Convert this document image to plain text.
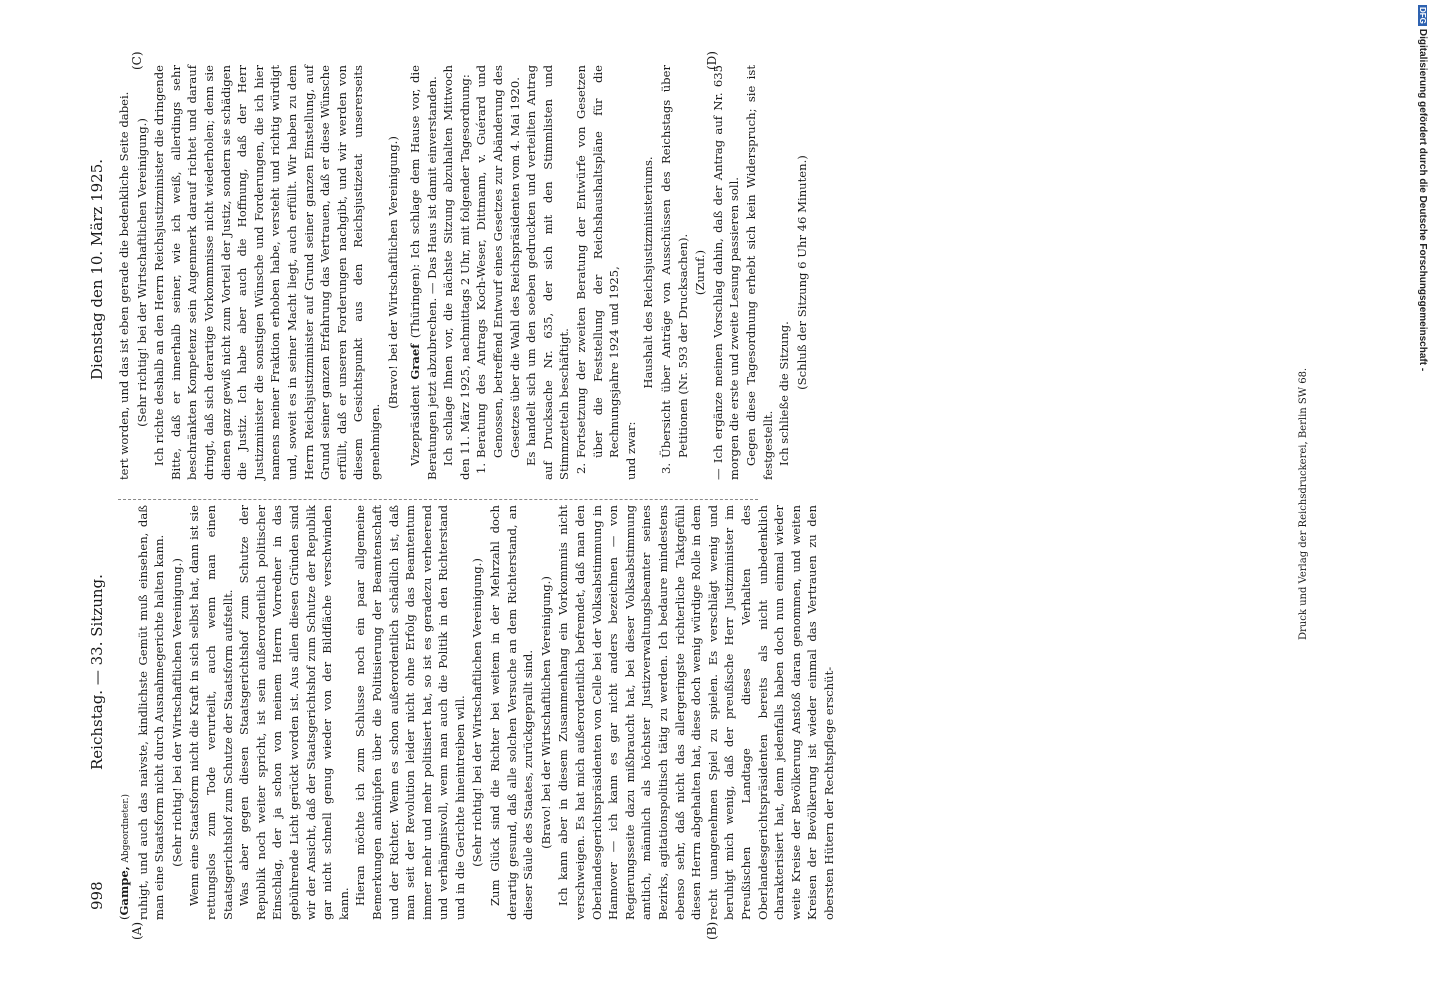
998
Reichstag. — 33. Sitzung.
Dienstag den 10. März 1925.
(A)	(B)
(C)	(D)

(Gampe, Abgeordneter.) ruhigt, und auch das naivste, kindlichste Gemüt muß einsehen, daß man eine Staatsform nicht durch Ausnahmegerichte halten kann. (Sehr richtig! bei der Wirtschaftlichen Vereinigung.) Wenn eine Staatsform nicht die Kraft in sich selbst hat, dann ist sie rettungslos zum Tode verurteilt, auch wenn man einen Staatsgerichtshof zum Schutze der Staatsform aufstellt. Was aber gegen diesen Staatsgerichtshof zum Schutze der Republik noch weiter spricht, ist sein außerordentlich politischer Einschlag, der ja schon von meinem Herrn Vorredner in das gebührende Licht gerückt worden ist. Aus allen diesen Gründen sind wir der Ansicht, daß der Staatsgerichtshof zum Schutze der Republik gar nicht schnell genug wieder von der Bildfläche verschwinden kann. Hieran möchte ich zum Schlusse noch ein paar allgemeine Bemerkungen anknüpfen über die Politisierung der Beamtenschaft und der Richter. Wenn es schon außerordentlich schädlich ist, daß man seit der Revolution leider nicht ohne Erfolg das Beamtentum immer mehr und mehr politisiert hat, so ist es geradezu verheerend und verhängnisvoll, wenn man auch die Politik in den Richterstand und in die Gerichte hineintreiben will. (Sehr richtig! bei der Wirtschaftlichen Vereinigung.) Zum Glück sind die Richter bei weitem in der Mehrzahl doch derartig gesund, daß alle solchen Versuche an dem Richterstand, an dieser Säule des Staates, zurückgeprallt sind. (Bravo! bei der Wirtschaftlichen Vereinigung.) Ich kann aber in diesem Zusammenhang ein Vorkommnis nicht verschweigen. Es hat mich außerordentlich befremdet, daß man den Oberlandesgerichtspräsidenten von Celle bei der Volksabstimmung in Hannover — ich kann es gar nicht anders bezeichnen — von Regierungsseite dazu mißbraucht hat, bei dieser Volksabstimmung amtlich, männlich als höchster Justizverwaltungsbeamter seines Bezirks, agitationspolitisch tätig zu werden. Ich bedaure mindestens ebenso sehr, daß nicht das allergeringste richterliche Taktgefühl diesen Herrn abgehalten hat, diese doch wenig würdige Rolle in dem recht unangenehmen Spiel zu spielen. Es verschlägt wenig und beruhigt mich wenig, daß der preußische Herr Justizminister im Preußischen Landtage dieses Verhalten des Oberlandesgerichtspräsidenten bereits als nicht unbedenklich charakterisiert hat, denn jedenfalls haben doch nun einmal wieder weite Kreise der Bevölkerung Anstoß daran genommen, und weiten Kreisen der Bevölkerung ist wieder einmal das Vertrauen zu den obersten Hütern der Rechtspflege erschüt-

tert worden, und das ist eben gerade die bedenkliche Seite dabei. (Sehr richtig! bei der Wirtschaftlichen Vereinigung.) Ich richte deshalb an den Herrn Reichsjustizminister die dringende Bitte, daß er innerhalb seiner, wie ich weiß, allerdings sehr beschränkten Kompetenz sein Augenmerk darauf richtet und darauf dringt, daß sich derartige Vorkommnisse nicht wiederholen; denn sie dienen ganz gewiß nicht zum Vorteil der Justiz, sondern sie schädigen die Justiz. Ich habe aber auch die Hoffnung, daß der Herr Justizminister die sonstigen Wünsche und Forderungen, die ich hier namens meiner Fraktion erhoben habe, versteht und richtig würdigt und, soweit es in seiner Macht liegt, auch erfüllt. Wir haben zu dem Herrn Reichsjustizminister auf Grund seiner ganzen Einstellung, auf Grund seiner ganzen Erfahrung das Vertrauen, daß er diese Wünsche erfüllt, daß er unseren Forderungen nachgibt, und wir werden von diesem Gesichtspunkt aus den Reichsjustizetat unsererseits genehmigen.

(Bravo! bei der Wirtschaftlichen Vereinigung.)

Vizepräsident Graef (Thüringen): Ich schlage dem Hause vor, die Beratungen jetzt abzubrechen. — Das Haus ist damit einverstanden. Ich schlage Ihnen vor, die nächste Sitzung abzuhalten Mittwoch den 11. März 1925, nachmittags 2 Uhr, mit folgender Tagesordnung: 1.
Beratung des Antrags Koch-Weser, Dittmann, v. Guérard und Genossen, betreffend Entwurf eines Gesetzes zur Abänderung des Gesetzes über die Wahl des Reichspräsidenten vom 4. Mai 1920. Es handelt sich um den soeben gedruckten und verteilten Antrag auf Drucksache Nr. 635, der sich mit den Stimmlisten und Stimmzetteln beschäftigt. 2.
Fortsetzung der zweiten Beratung der Entwürfe von Gesetzen über die Feststellung der Reichshaushaltspläne für die Rechnungsjahre 1924 und 1925, und zwar:

Haushalt des Reichsjustizministeriums.

3.
Übersicht über Anträge von Ausschüssen des Reichstags über Petitionen (Nr. 593 der Drucksachen). (Zuruf.) — Ich ergänze meinen Vorschlag dahin, daß der Antrag auf Nr. 635 morgen die erste und zweite Lesung passieren soll. Gegen diese Tagesordnung erhebt sich kein Widerspruch; sie ist festgestellt. Ich schließe die Sitzung.

(Schluß der Sitzung 6 Uhr 46 Minuten.)

Druck und Verlag der Reichsdruckerei, Berlin SW 68.
DFGDigitalisierung gefördert durch die Deutsche Forschungsgemeinschaft -
